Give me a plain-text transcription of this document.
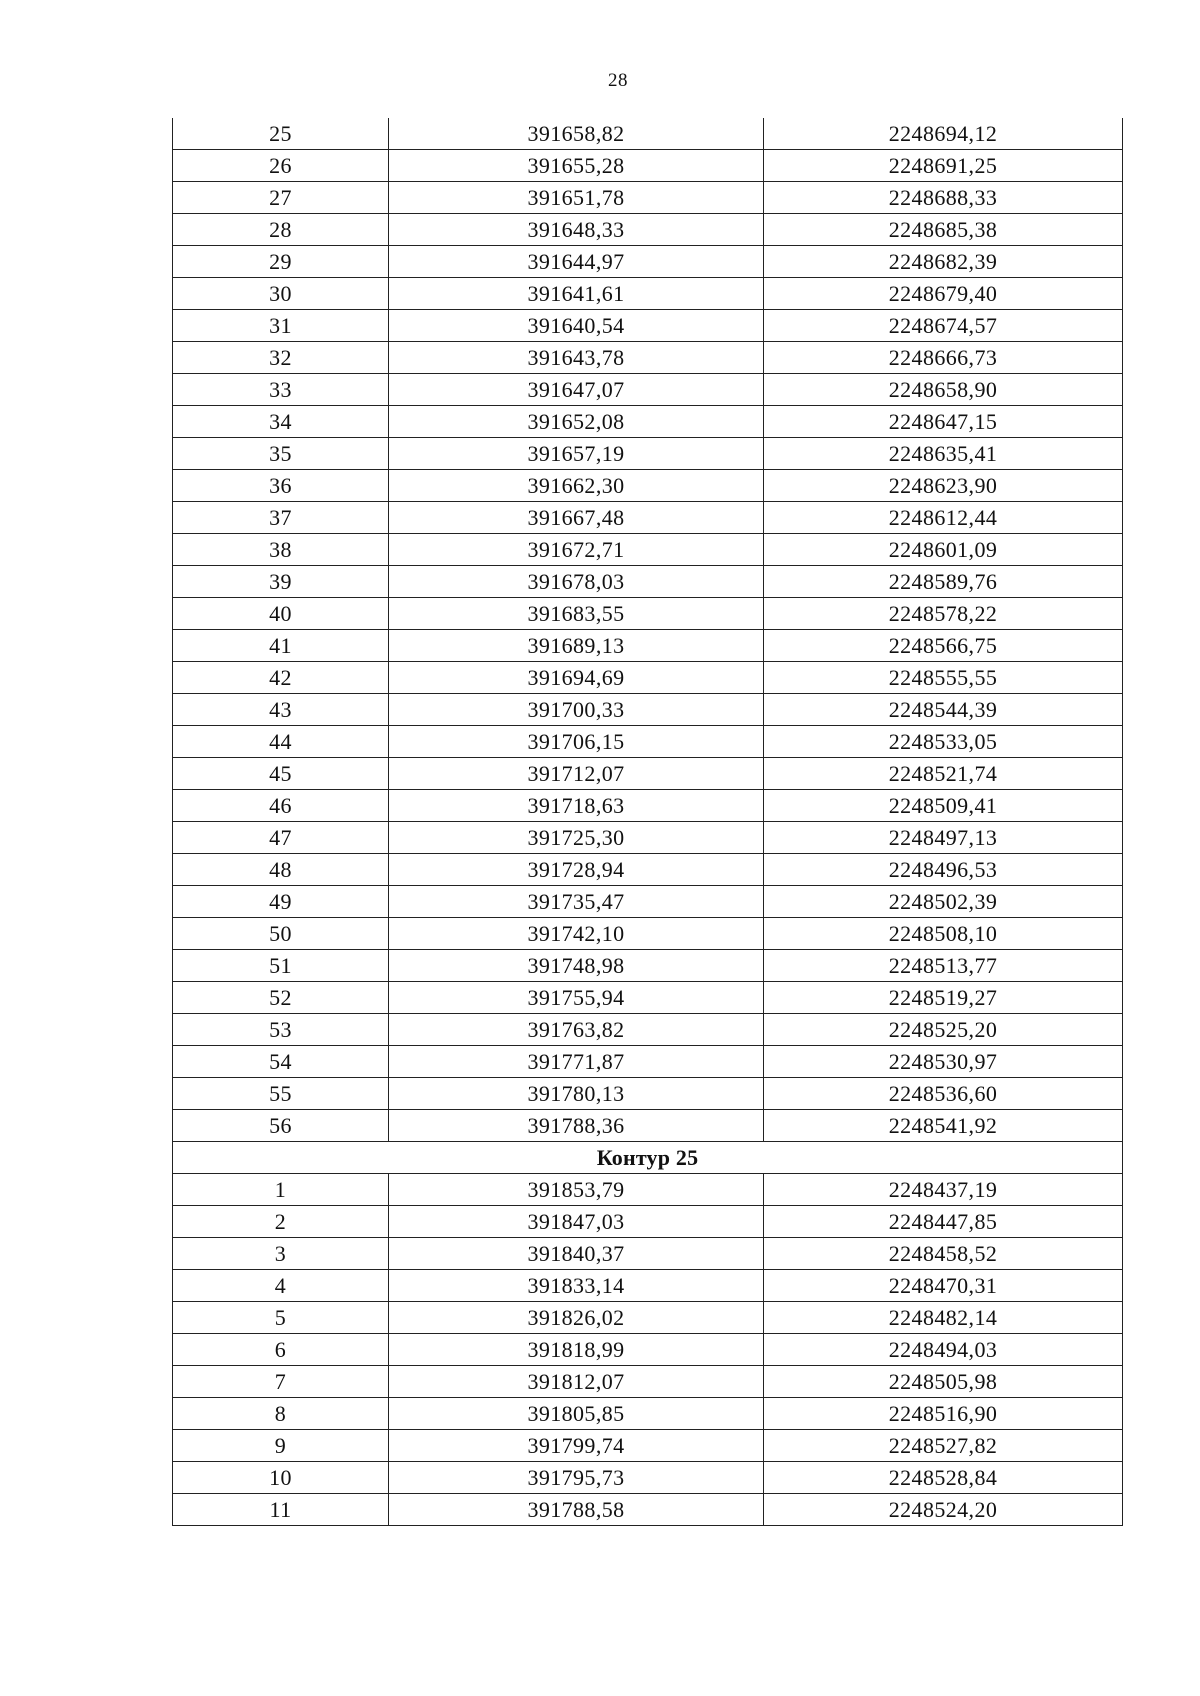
28
25	391658,82	2248694,12
26	391655,28	2248691,25
27	391651,78	2248688,33
28	391648,33	2248685,38
29	391644,97	2248682,39
30	391641,61	2248679,40
31	391640,54	2248674,57
32	391643,78	2248666,73
33	391647,07	2248658,90
34	391652,08	2248647,15
35	391657,19	2248635,41
36	391662,30	2248623,90
37	391667,48	2248612,44
38	391672,71	2248601,09
39	391678,03	2248589,76
40	391683,55	2248578,22
41	391689,13	2248566,75
42	391694,69	2248555,55
43	391700,33	2248544,39
44	391706,15	2248533,05
45	391712,07	2248521,74
46	391718,63	2248509,41
47	391725,30	2248497,13
48	391728,94	2248496,53
49	391735,47	2248502,39
50	391742,10	2248508,10
51	391748,98	2248513,77
52	391755,94	2248519,27
53	391763,82	2248525,20
54	391771,87	2248530,97
55	391780,13	2248536,60
56	391788,36	2248541,92
Контур 25		
1	391853,79	2248437,19
2	391847,03	2248447,85
3	391840,37	2248458,52
4	391833,14	2248470,31
5	391826,02	2248482,14
6	391818,99	2248494,03
7	391812,07	2248505,98
8	391805,85	2248516,90
9	391799,74	2248527,82
10	391795,73	2248528,84
11	391788,58	2248524,20
